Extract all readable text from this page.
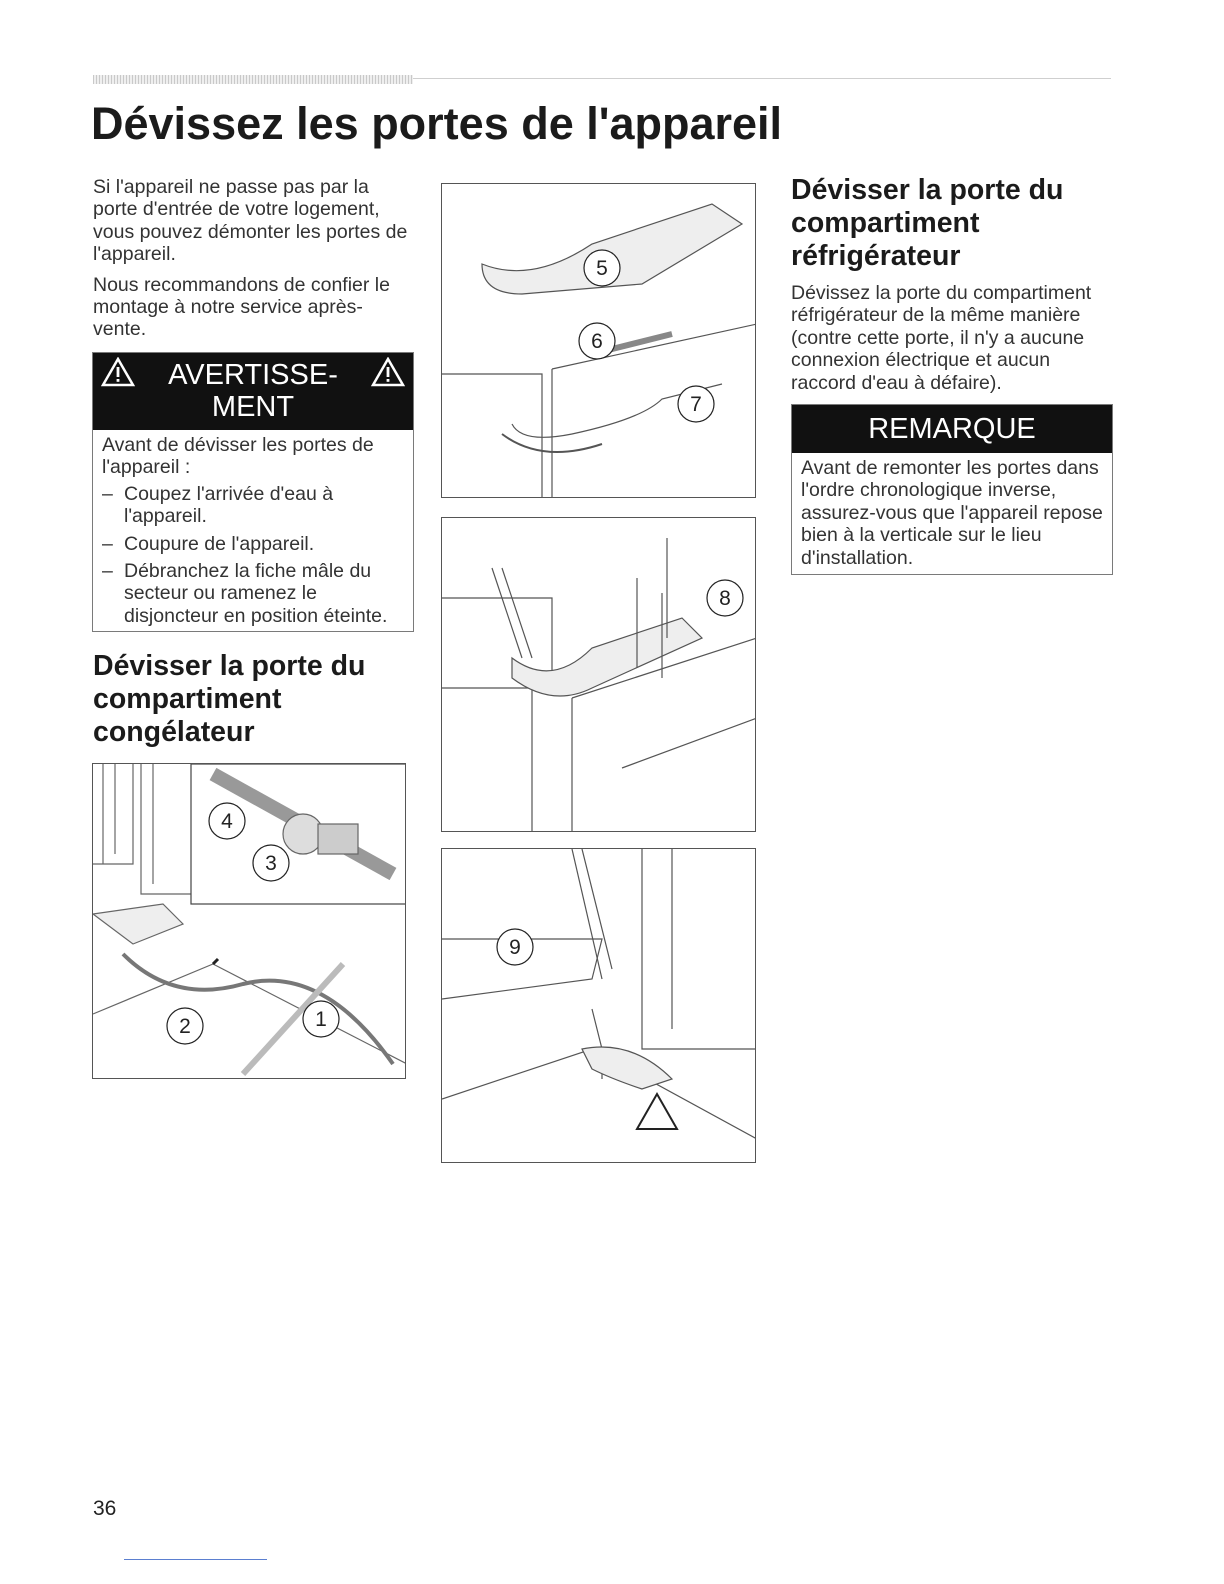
Dévissez les portes de l'appareil

Si l'appareil ne passe pas par la porte d'entrée de votre logement, vous pouvez démonter les portes de l'appareil.

Nous recommandons de confier le montage à notre service après-vente.

AVERTISSE-
MENT
Avant de dévisser les portes de l'appareil :
– Coupez l'arrivée d'eau à l'appareil.
– Coupure de l'appareil.
– Débranchez la fiche mâle du secteur ou ramenez le disjoncteur en position éteinte.
Dévisser la porte du compartiment congélateur
1
2
3
4
5
6
7
8
9
Dévisser la porte du compartiment réfrigérateur
Dévissez la porte du compartiment réfrigérateur de la même manière (contre cette porte, il n'y a aucune connexion électrique et aucun raccord d'eau à défaire).
REMARQUE
Avant de remonter les portes dans l'ordre chronologique inverse, assurez-vous que l'appareil repose bien à la verticale sur le lieu d'installation.
36
